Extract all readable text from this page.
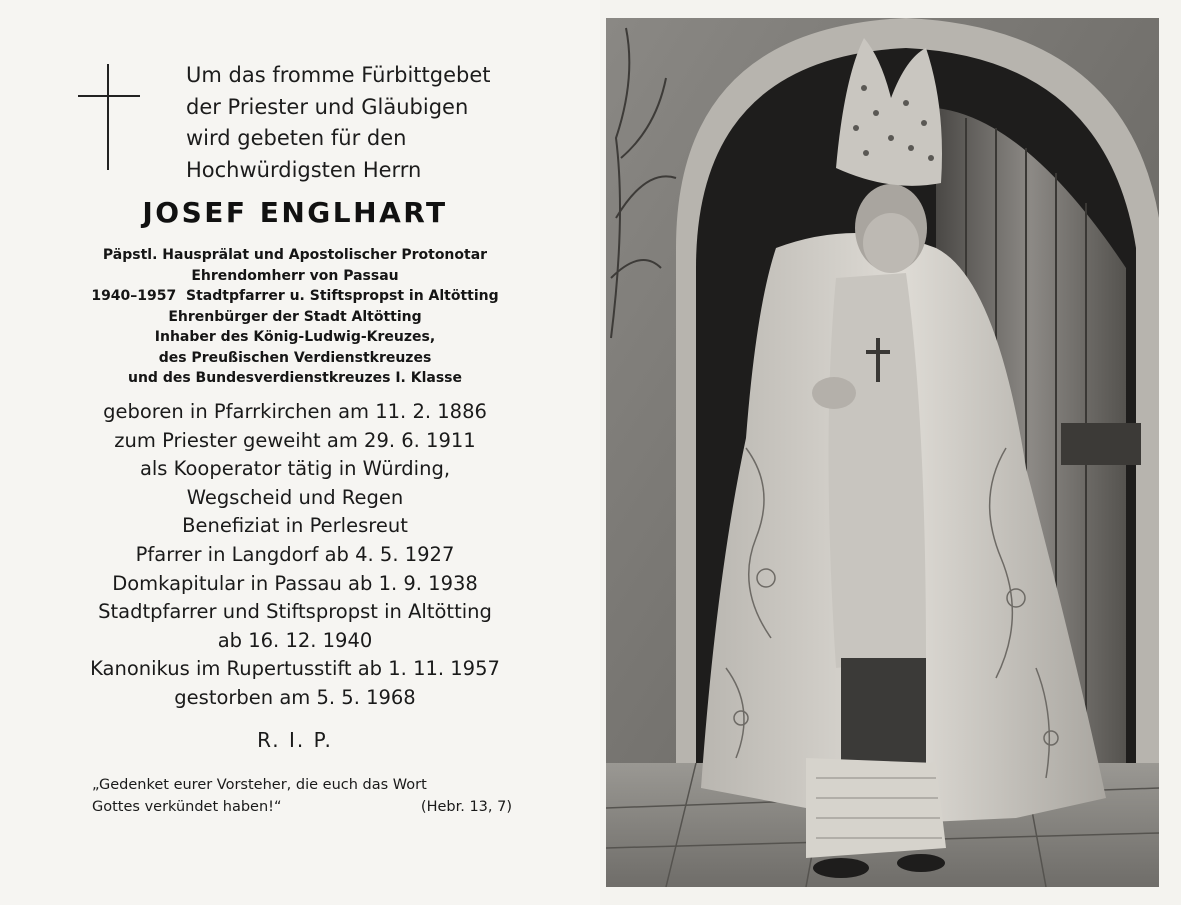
Um das fromme Fürbittgebet
der Priester und Gläubigen
wird gebeten für den
Hochwürdigsten Herrn
JOSEF ENGLHART
Päpstl. Hausprälat und Apostolischer Protonotar
Ehrendomherr von Passau
1940–1957 Stadtpfarrer u. Stiftspropst in Altötting
Ehrenbürger der Stadt Altötting
Inhaber des König-Ludwig-Kreuzes,
des Preußischen Verdienstkreuzes
und des Bundesverdienstkreuzes I. Klasse
geboren in Pfarrkirchen am 11. 2. 1886
zum Priester geweiht am 29. 6. 1911
als Kooperator tätig in Würding,
Wegscheid und Regen
Benefiziat in Perlesreut
Pfarrer in Langdorf ab 4. 5. 1927
Domkapitular in Passau ab 1. 9. 1938
Stadtpfarrer und Stiftspropst in Altötting
ab 16. 12. 1940
Kanonikus im Rupertusstift ab 1. 11. 1957
gestorben am 5. 5. 1968
R. I. P.
„Gedenket eurer Vorsteher, die euch das Wort
Gottes verkündet haben!“	(Hebr. 13, 7)
